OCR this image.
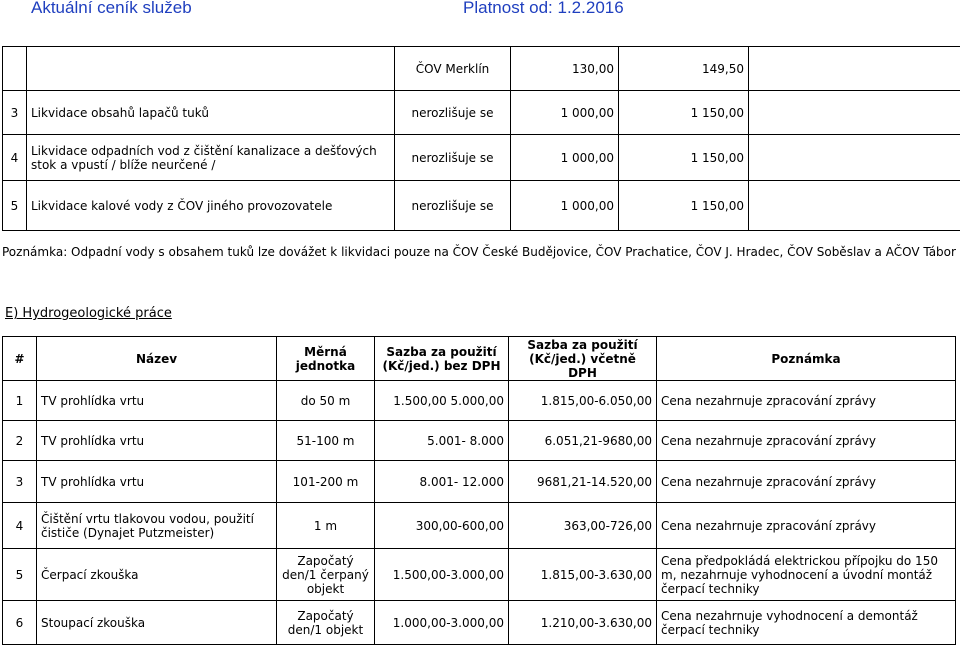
Aktuální ceník služeb	Platnost od: 1.2.2016
		ČOV Merklín	130,00	149,50	
3	Likvidace obsahů lapačů tuků	nerozlišuje se	1 000,00	1 150,00	
4	Likvidace odpadních vod z čištění kanalizace a dešťových stok a vpustí / blíže neurčené /	nerozlišuje se	1 000,00	1 150,00	
5	Likvidace kalové vody z ČOV jiného provozovatele	nerozlišuje se	1 000,00	1 150,00	
Poznámka: Odpadní vody s obsahem tuků lze dovážet k likvidaci pouze na ČOV České Budějovice, ČOV Prachatice, ČOV J. Hradec, ČOV Soběslav a AČOV Tábor
E) Hydrogeologické práce
#	Název	Měrná jednotka	Sazba za použití (Kč/jed.) bez DPH	Sazba za použití (Kč/jed.) včetně DPH	Poznámka
1	TV prohlídka vrtu	do 50 m	1.500,00 5.000,00	1.815,00-6.050,00	Cena nezahrnuje zpracování zprávy
2	TV prohlídka vrtu	51-100 m	5.001- 8.000	6.051,21-9680,00	Cena nezahrnuje zpracování zprávy
3	TV prohlídka vrtu	101-200 m	8.001- 12.000	9681,21-14.520,00	Cena nezahrnuje zpracování zprávy
4	Čištění vrtu tlakovou vodou, použití čističe (Dynajet Putzmeister)	1 m	300,00-600,00	363,00-726,00	Cena nezahrnuje zpracování zprávy
5	Čerpací zkouška	Započatý den/1 čerpaný objekt	1.500,00-3.000,00	1.815,00-3.630,00	Cena předpokládá elektrickou přípojku do 150 m, nezahrnuje vyhodnocení a úvodní montáž čerpací techniky
6	Stoupací zkouška	Započatý den/1 objekt	1.000,00-3.000,00	1.210,00-3.630,00	Cena nezahrnuje vyhodnocení a demontáž čerpací techniky
